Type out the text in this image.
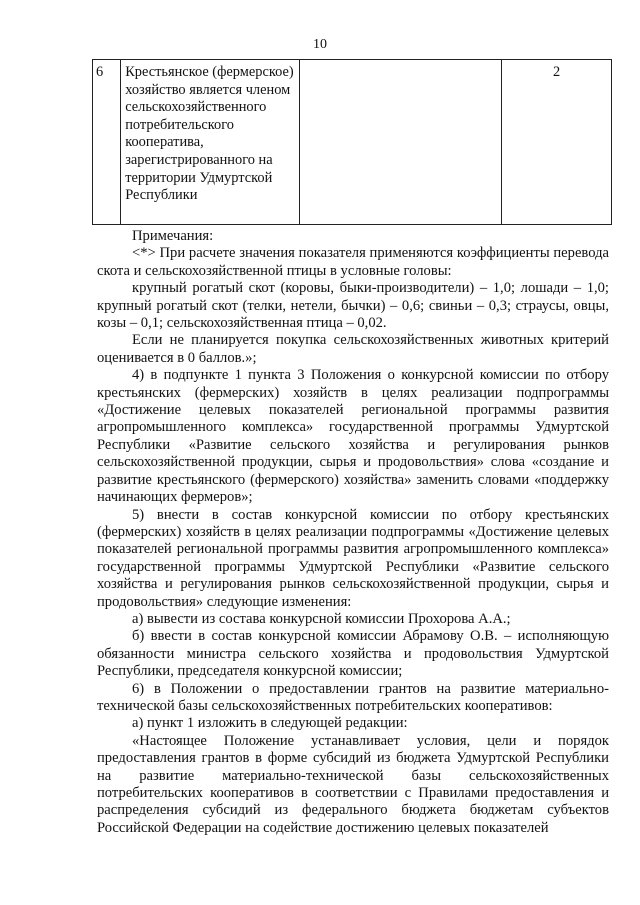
10
6	Крестьянское (фермерское) хозяйство является членом сельскохозяйственного потребительского кооператива, зарегистрированного на территории Удмуртской Республики		2

Примечания:

<*> При расчете значения показателя применяются коэффициенты перевода скота и сельскохозяйственной птицы в условные головы:

крупный рогатый скот (коровы, быки-производители) – 1,0; лошади – 1,0; крупный рогатый скот (телки, нетели, бычки) – 0,6; свиньи – 0,3; страусы, овцы, козы – 0,1; сельскохозяйственная птица – 0,02.

Если не планируется покупка сельскохозяйственных животных критерий оценивается в 0 баллов.»;

4) в подпункте 1 пункта 3 Положения о конкурсной комиссии по отбору крестьянских (фермерских) хозяйств в целях реализации подпрограммы «Достижение целевых показателей региональной программы развития агропромышленного комплекса» государственной программы Удмуртской Республики «Развитие сельского хозяйства и регулирования рынков сельскохозяйственной продукции, сырья и продовольствия» слова «создание и развитие крестьянского (фермерского) хозяйства» заменить словами «поддержку начинающих фермеров»;

5) внести в состав конкурсной комиссии по отбору крестьянских (фермерских) хозяйств в целях реализации подпрограммы «Достижение целевых показателей региональной программы развития агропромышленного комплекса» государственной программы Удмуртской Республики «Развитие сельского хозяйства и регулирования рынков сельскохозяйственной продукции, сырья и продовольствия» следующие изменения:

а) вывести из состава конкурсной комиссии Прохорова А.А.;

б) ввести в состав конкурсной комиссии Абрамову О.В. – исполняющую обязанности министра сельского хозяйства и продовольствия Удмуртской Республики, председателя конкурсной комиссии;

6) в Положении о предоставлении грантов на развитие материально-технической базы сельскохозяйственных потребительских кооперативов:

а) пункт 1 изложить в следующей редакции:

«Настоящее Положение устанавливает условия, цели и порядок предоставления грантов в форме субсидий из бюджета Удмуртской Республики на развитие материально-технической базы сельскохозяйственных потребительских кооперативов в соответствии с Правилами предоставления и распределения субсидий из федерального бюджета бюджетам субъектов Российской Федерации на содействие достижению целевых показателей
